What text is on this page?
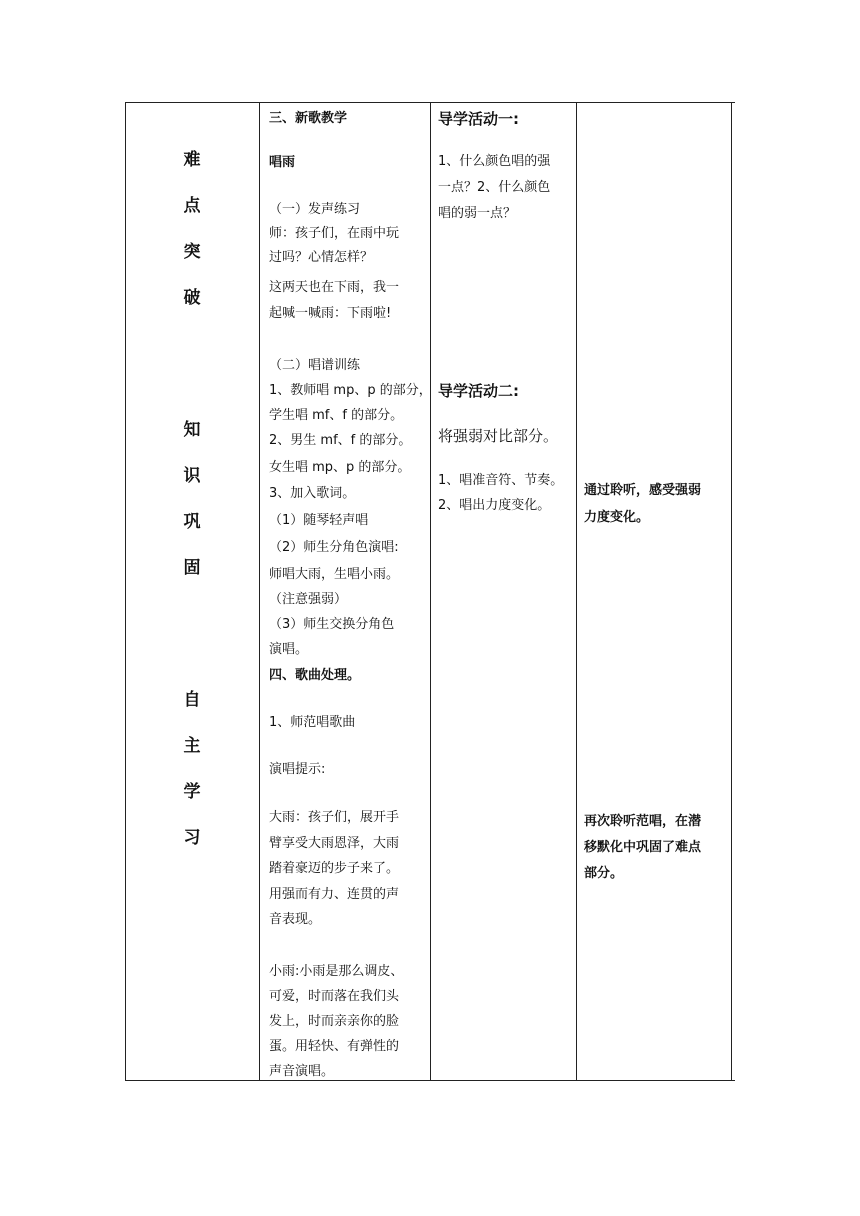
难
点
突
破
知
识
巩
固
自
主
学
习
三、新歌教学
唱雨
（一）发声练习
师：孩子们，在雨中玩
过吗？心情怎样？
这两天也在下雨，我一
起喊一喊雨：下雨啦!
（二）唱谱训练
1、教师唱 mp、p 的部分，
学生唱 mf、f 的部分。
2、男生 mf、f 的部分。
女生唱 mp、p 的部分。
3、加入歌词。
（1）随琴轻声唱
（2）师生分角色演唱:
师唱大雨，生唱小雨。
（注意强弱）
（3）师生交换分角色
演唱。
四、歌曲处理。
1、师范唱歌曲
演唱提示:
大雨：孩子们，展开手
臂享受大雨恩泽，大雨
踏着豪迈的步子来了。
用强而有力、连贯的声
音表现。
小雨:小雨是那么调皮、
可爱，时而落在我们头
发上，时而亲亲你的脸
蛋。用轻快、有弹性的
声音演唱。
导学活动一:
1、什么颜色唱的强
一点？2、什么颜色
唱的弱一点？
导学活动二:
将强弱对比部分。
1、唱准音符、节奏。
2、唱出力度变化。
通过聆听，感受强弱
力度变化。
再次聆听范唱，在潜
移默化中巩固了难点
部分。
